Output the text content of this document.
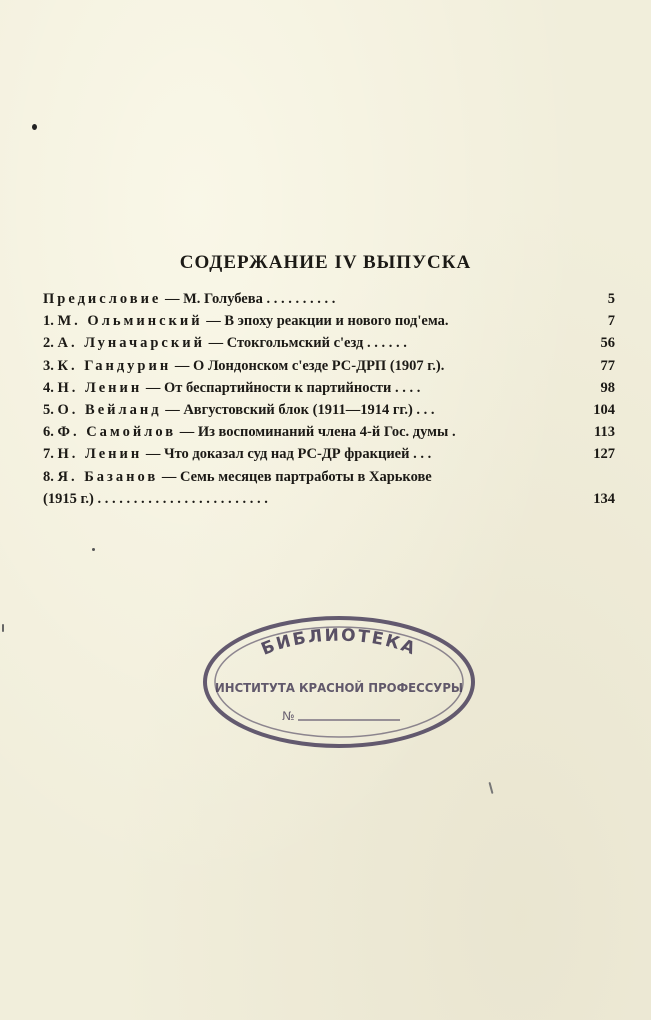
СОДЕРЖАНИЕ IV ВЫПУСКА
Предисловие — М. Голубева . . . . . . . . . .	5
1. М. Ольминский — В эпоху реакции и нового под'ема.	7
2. А. Луначарский — Стокгольмский с'езд . . . . . .	56
3. К. Гандурин — О Лондонском с'езде РС-ДРП (1907 г.).	77
4. Н. Ленин — От беспартийности к партийности . . . .	98
5. О. Вейланд — Августовский блок (1911—1914 гг.) . . .	104
6. Ф. Самойлов — Из воспоминаний члена 4-й Гос. думы .	113
7. Н. Ленин — Что доказал суд над РС-ДР фракцией . . .	127
8. Я. Базанов — Семь месяцев партработы в Харькове
(1915 г.) . . . . . . . . . . . . . . . . . . . . . . . .	134
БИБЛИОТЕКА
ИНСТИТУТА КРАСНОЙ ПРОФЕССУРЫ
№
